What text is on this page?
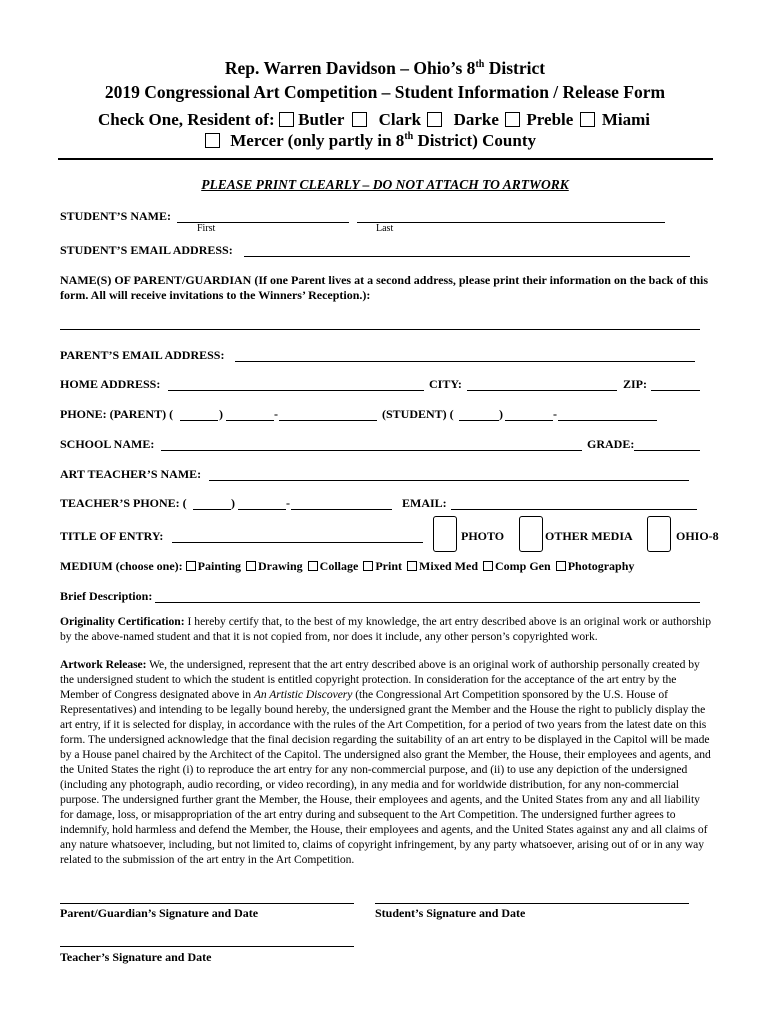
Rep. Warren Davidson – Ohio’s 8th District
2019 Congressional Art Competition – Student Information / Release Form
Check One, Resident of: Butler Clark Darke Preble Miami
Mercer (only partly in 8th District) County
PLEASE PRINT CLEARLY – DO NOT ATTACH TO ARTWORK
STUDENT’S NAME:
First	Last
STUDENT’S EMAIL ADDRESS:
NAME(S) OF PARENT/GUARDIAN (If one Parent lives at a second address, please print their information on the back of this form. All will receive invitations to the Winners’ Reception.):
PARENT’S EMAIL ADDRESS:
HOME ADDRESS:	CITY:	ZIP:
PHONE: (PARENT) (	)	-	(STUDENT) (	)	-
SCHOOL NAME:	GRADE:
ART TEACHER’S NAME:
TEACHER’S PHONE: (	)	-	EMAIL:
TITLE OF ENTRY:	PHOTO	OTHER MEDIA	OHIO-8
MEDIUM (choose one): Painting Drawing Collage Print Mixed Med Comp Gen Photography
Brief Description:
Originality Certification: I hereby certify that, to the best of my knowledge, the art entry described above is an original work or authorship by the above-named student and that it is not copied from, nor does it include, any other person’s copyrighted work.
Artwork Release: We, the undersigned, represent that the art entry described above is an original work of authorship personally created by the undersigned student to which the student is entitled copyright protection. In consideration for the acceptance of the art entry by the Member of Congress designated above in An Artistic Discovery (the Congressional Art Competition sponsored by the U.S. House of Representatives) and intending to be legally bound hereby, the undersigned grant the Member and the House the right to publicly display the art entry, if it is selected for display, in accordance with the rules of the Art Competition, for a period of two years from the latest date on this form. The undersigned acknowledge that the final decision regarding the suitability of an art entry to be displayed in the Capitol will be made by a House panel chaired by the Architect of the Capitol. The undersigned also grant the Member, the House, their employees and agents, and the United States the right (i) to reproduce the art entry for any non-commercial purpose, and (ii) to use any depiction of the undersigned (including any photograph, audio recording, or video recording), in any media and for worldwide distribution, for any non-commercial purpose. The undersigned further grant the Member, the House, their employees and agents, and the United States from any and all liability for damage, loss, or misappropriation of the art entry during and subsequent to the Art Competition. The undersigned further agrees to indemnify, hold harmless and defend the Member, the House, their employees and agents, and the United States against any and all claims of any nature whatsoever, including, but not limited to, claims of copyright infringement, by any party whatsoever, arising out of or in any way related to the submission of the art entry in the Art Competition.
Parent/Guardian’s Signature and Date	Student’s Signature and Date
Teacher’s Signature and Date
